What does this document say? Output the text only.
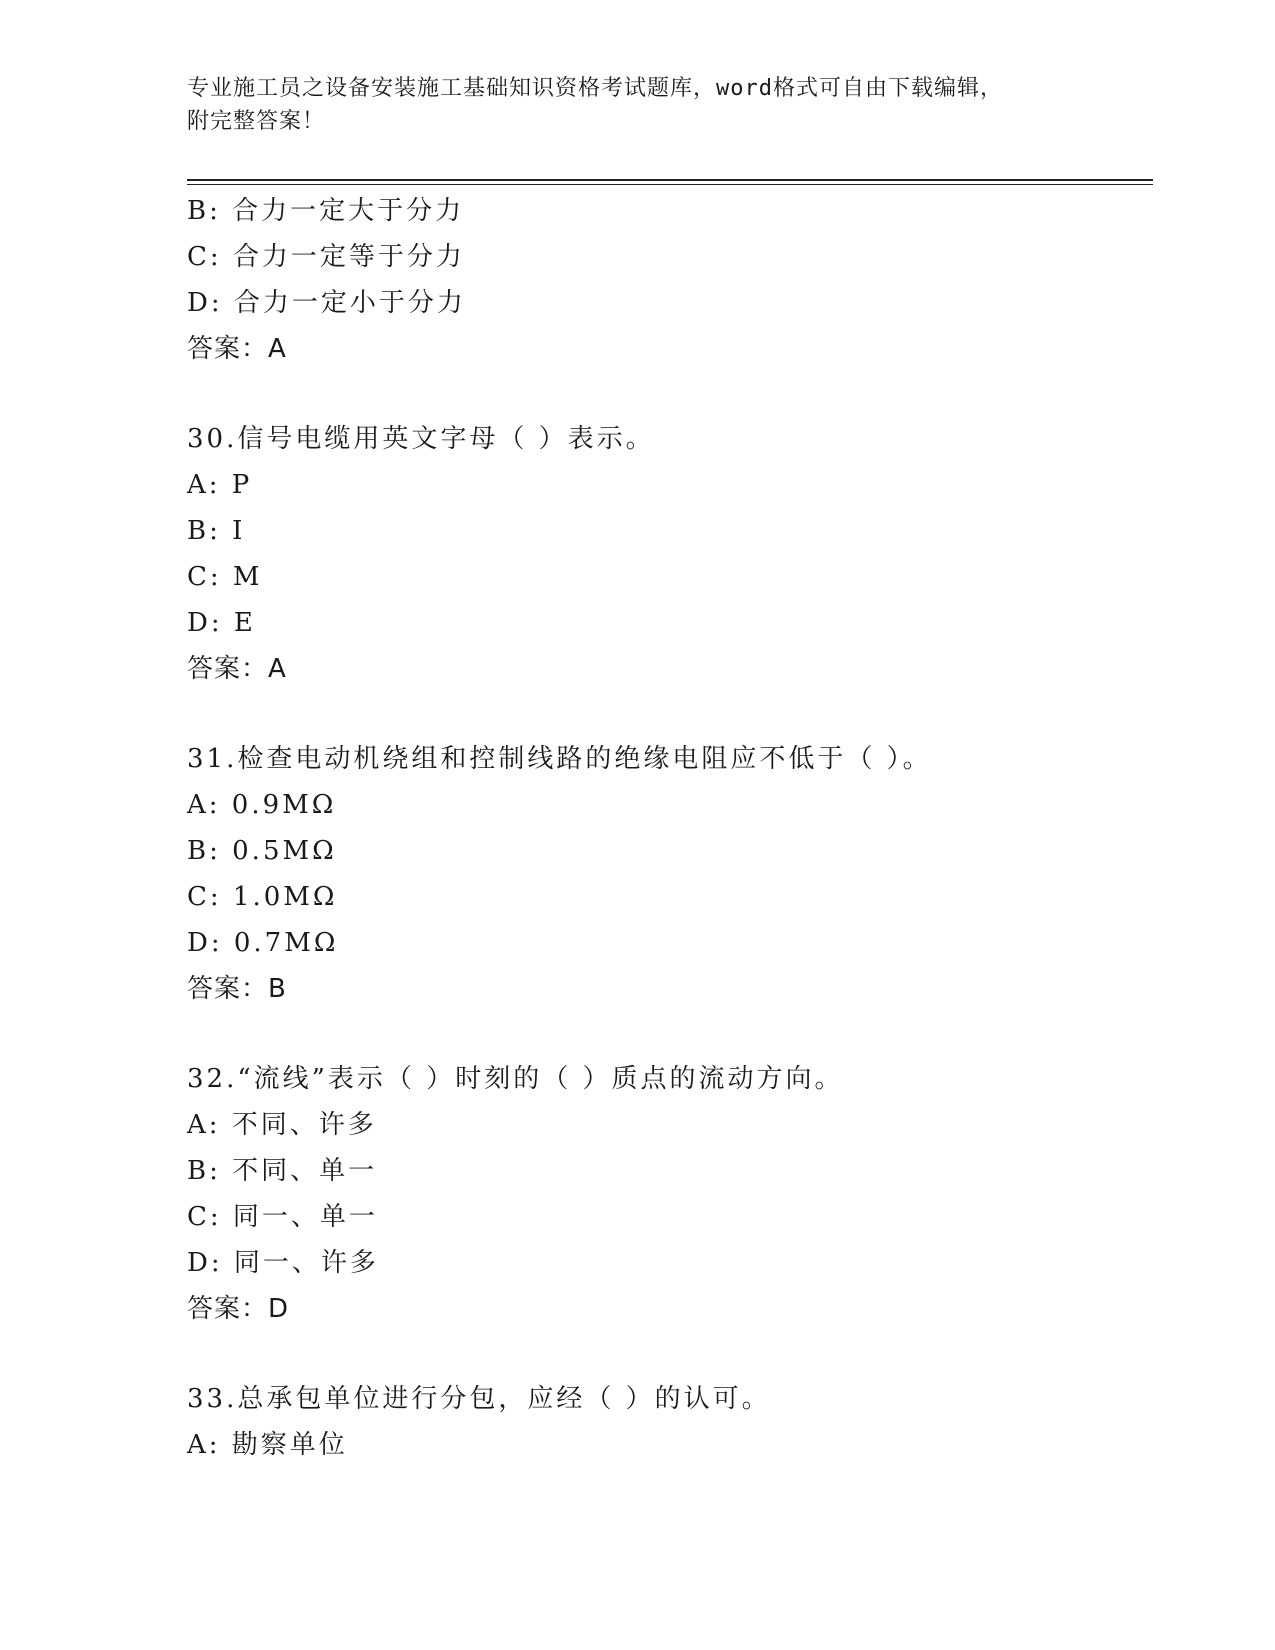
专业施工员之设备安装施工基础知识资格考试题库，word格式可自由下载编辑，
附完整答案！
B: 合力一定大于分力
C: 合力一定等于分力
D: 合力一定小于分力
答案：A
30.信号电缆用英文字母（ ）表示。
A: P
B: I
C: M
D: E
答案：A
31.检查电动机绕组和控制线路的绝缘电阻应不低于（ ）。
A: 0.9MΩ
B: 0.5MΩ
C: 1.0MΩ
D: 0.7MΩ
答案：B
32.“流线”表示（ ）时刻的（ ）质点的流动方向。
A: 不同、许多
B: 不同、单一
C: 同一、单一
D: 同一、许多
答案：D
33.总承包单位进行分包，应经（ ）的认可。
A: 勘察单位
